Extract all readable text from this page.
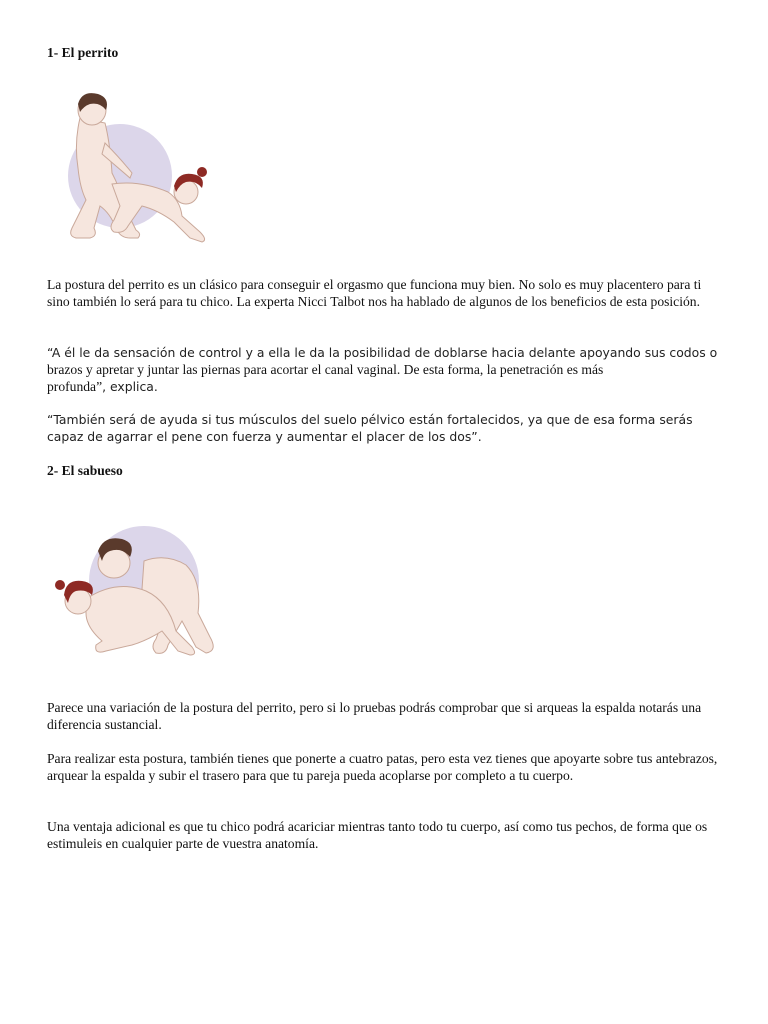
1- El perrito

La postura del perrito es un clásico para conseguir el orgasmo que funciona muy bien. No solo es muy placentero para ti sino también lo será para tu chico. La experta Nicci Talbot nos ha hablado de algunos de los beneficios de esta posición.

“A él le da sensación de control y a ella le da la posibilidad de doblarse hacia delante apoyando sus codos o
brazos y apretar y juntar las piernas para acortar el canal vaginal. De esta forma, la penetración es más
profunda”, explica.

“También será de ayuda si tus músculos del suelo pélvico están fortalecidos, ya que de esa forma serás capaz de agarrar el pene con fuerza y aumentar el placer de los dos”.

2- El sabueso

Parece una variación de la postura del perrito, pero si lo pruebas podrás comprobar que si arqueas la espalda notarás una diferencia sustancial.

Para realizar esta postura, también tienes que ponerte a cuatro patas, pero esta vez tienes que apoyarte sobre tus antebrazos, arquear la espalda y subir el trasero para que tu pareja pueda acoplarse por completo a tu cuerpo.

Una ventaja adicional es que tu chico podrá acariciar mientras tanto todo tu cuerpo, así como tus pechos, de forma que os estimuleis en cualquier parte de vuestra anatomía.
